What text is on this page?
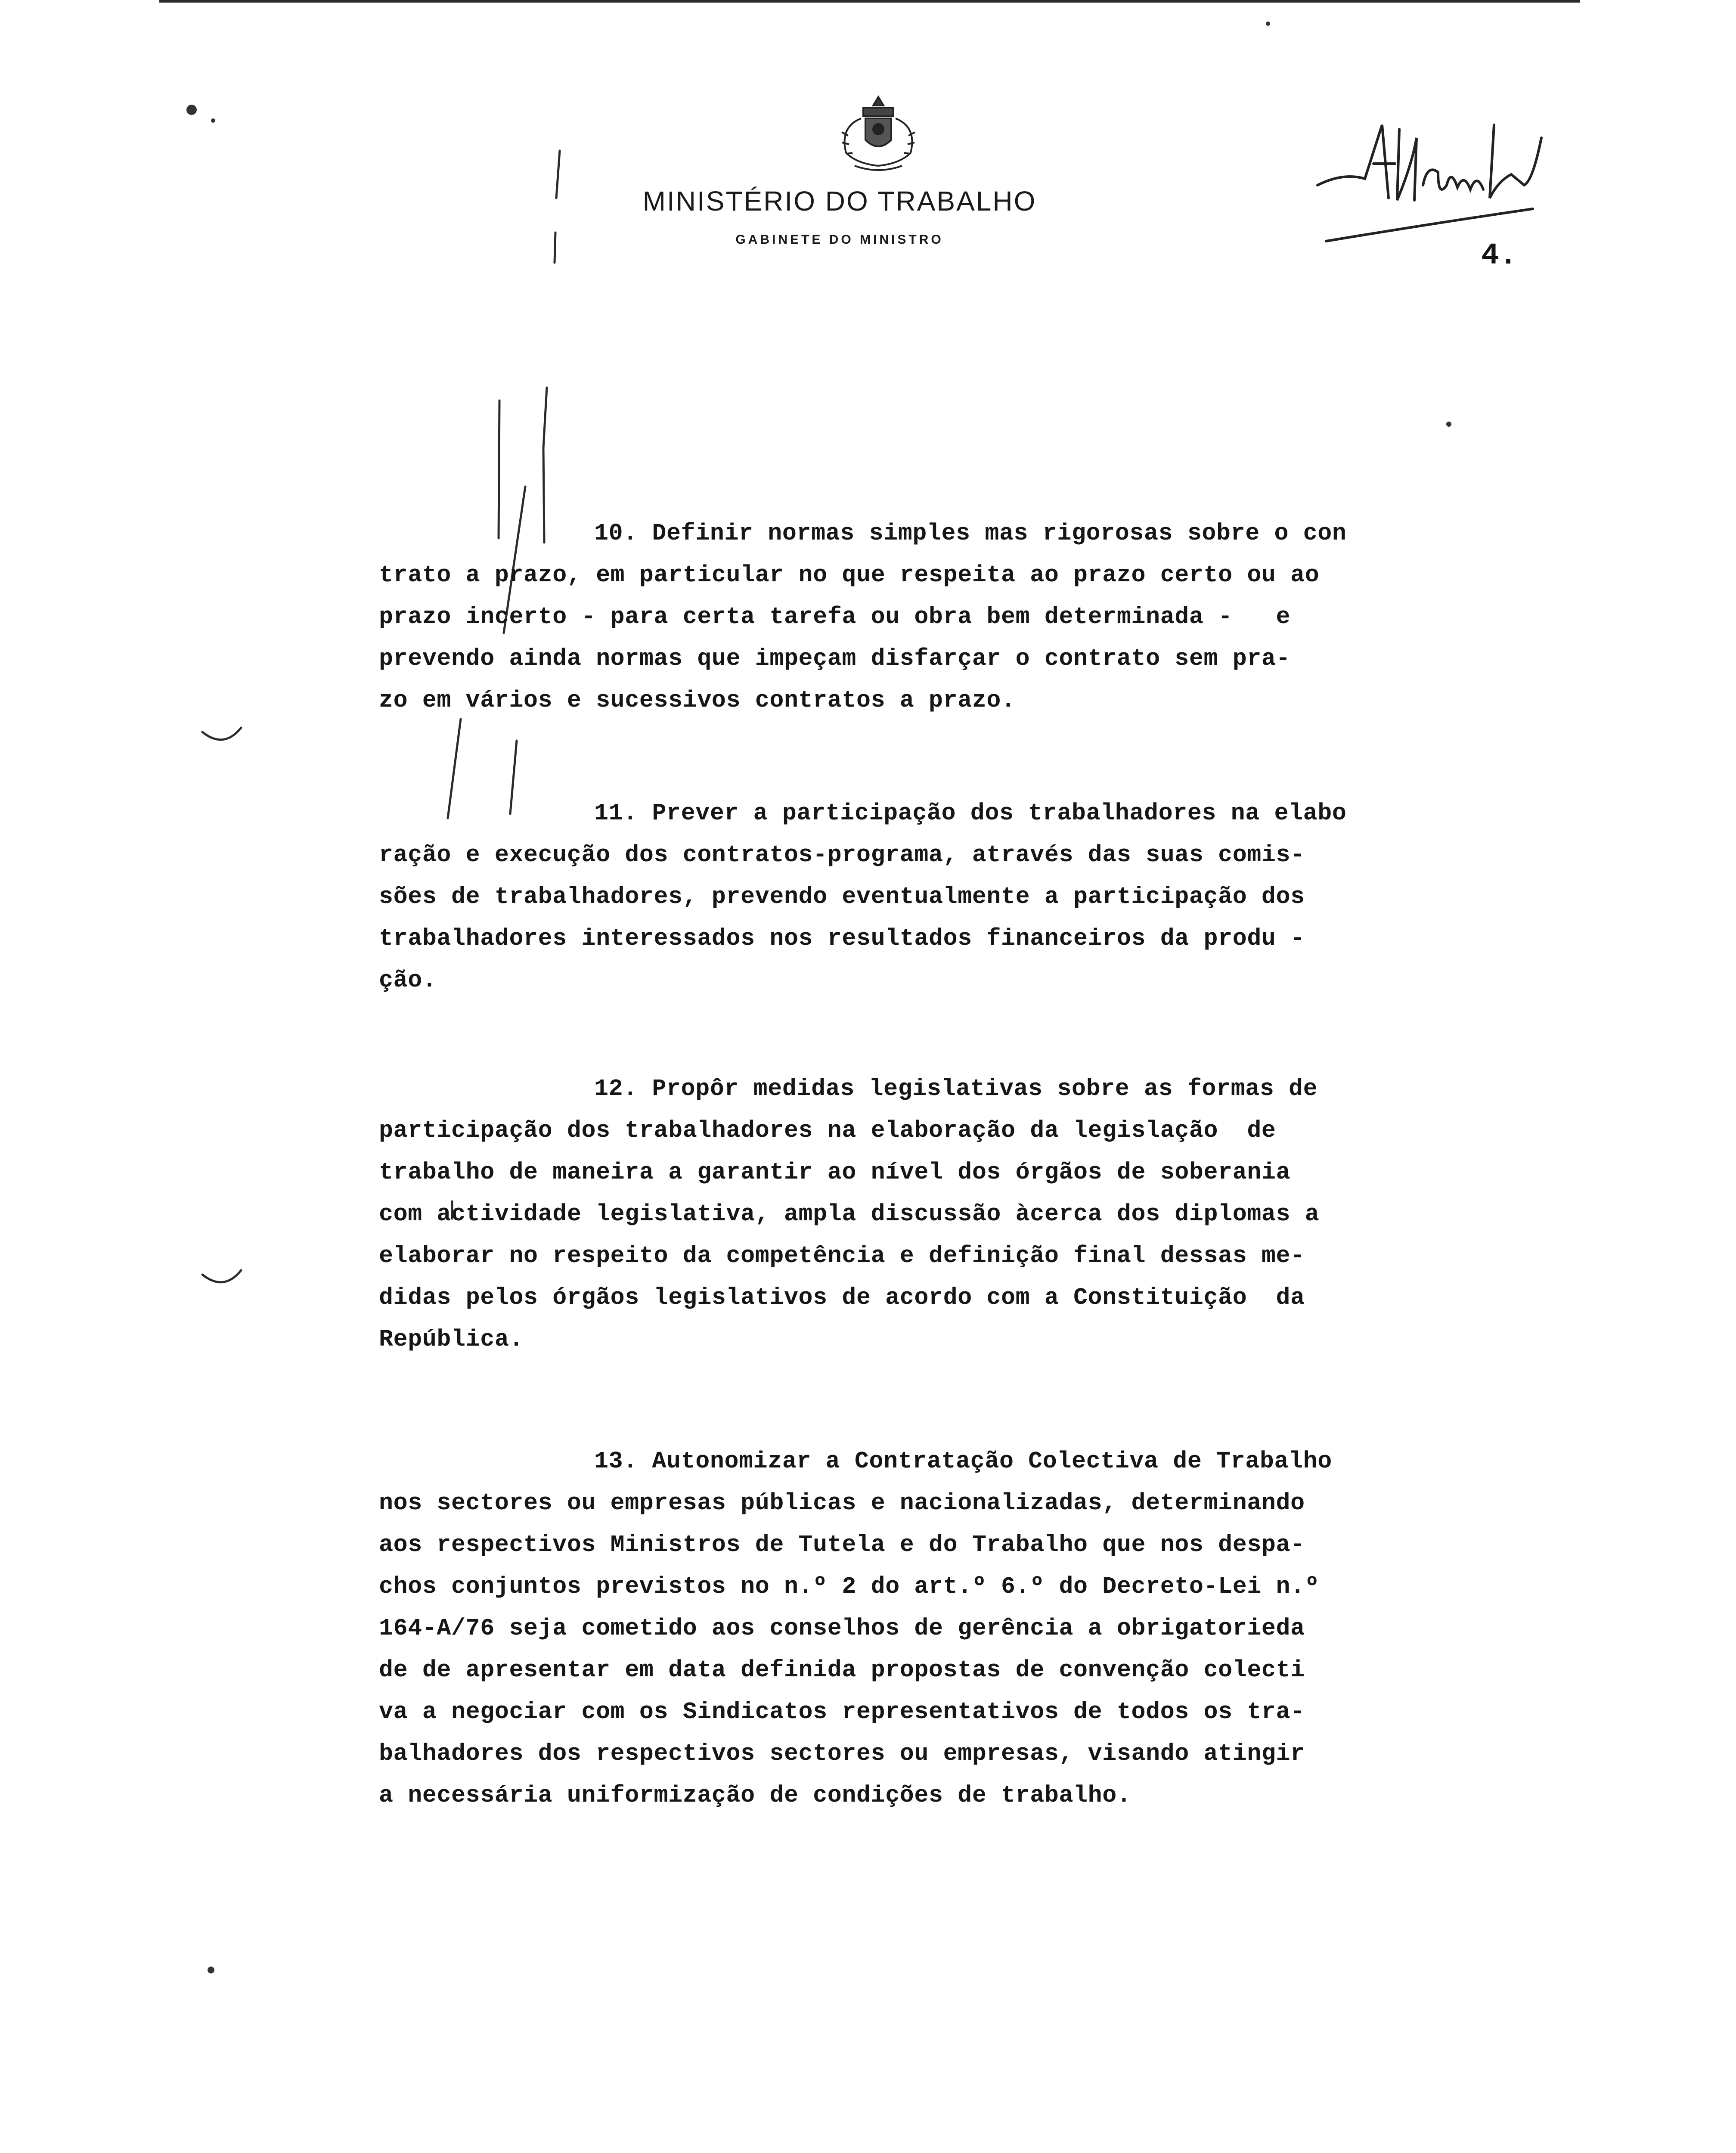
MINISTÉRIO DO TRABALHO
GABINETE DO MINISTRO	4.
10. Definir normas simples mas rigorosas sobre o con
trato a prazo, em particular no que respeita ao prazo certo ou ao
prazo incerto - para certa tarefa ou obra bem determinada -   e
prevendo ainda normas que impeçam disfarçar o contrato sem pra-
zo em vários e sucessivos contratos a prazo.
11. Prever a participação dos trabalhadores na elabo
ração e execução dos contratos-programa, através das suas comis-
sões de trabalhadores, prevendo eventualmente a participação dos
trabalhadores interessados nos resultados financeiros da produ -
ção.
12. Propôr medidas legislativas sobre as formas de
participação dos trabalhadores na elaboração da legislação  de
trabalho de maneira a garantir ao nível dos órgãos de soberania
com actividade legislativa, ampla discussão àcerca dos diplomas a
elaborar no respeito da competência e definição final dessas me-
didas pelos órgãos legislativos de acordo com a Constituição  da
República.
13. Autonomizar a Contratação Colectiva de Trabalho
nos sectores ou empresas públicas e nacionalizadas, determinando
aos respectivos Ministros de Tutela e do Trabalho que nos despa-
chos conjuntos previstos no n.º 2 do art.º 6.º do Decreto-Lei n.º
164-A/76 seja cometido aos conselhos de gerência a obrigatorieda
de de apresentar em data definida propostas de convenção colecti
va a negociar com os Sindicatos representativos de todos os tra-
balhadores dos respectivos sectores ou empresas, visando atingir
a necessária uniformização de condições de trabalho.
